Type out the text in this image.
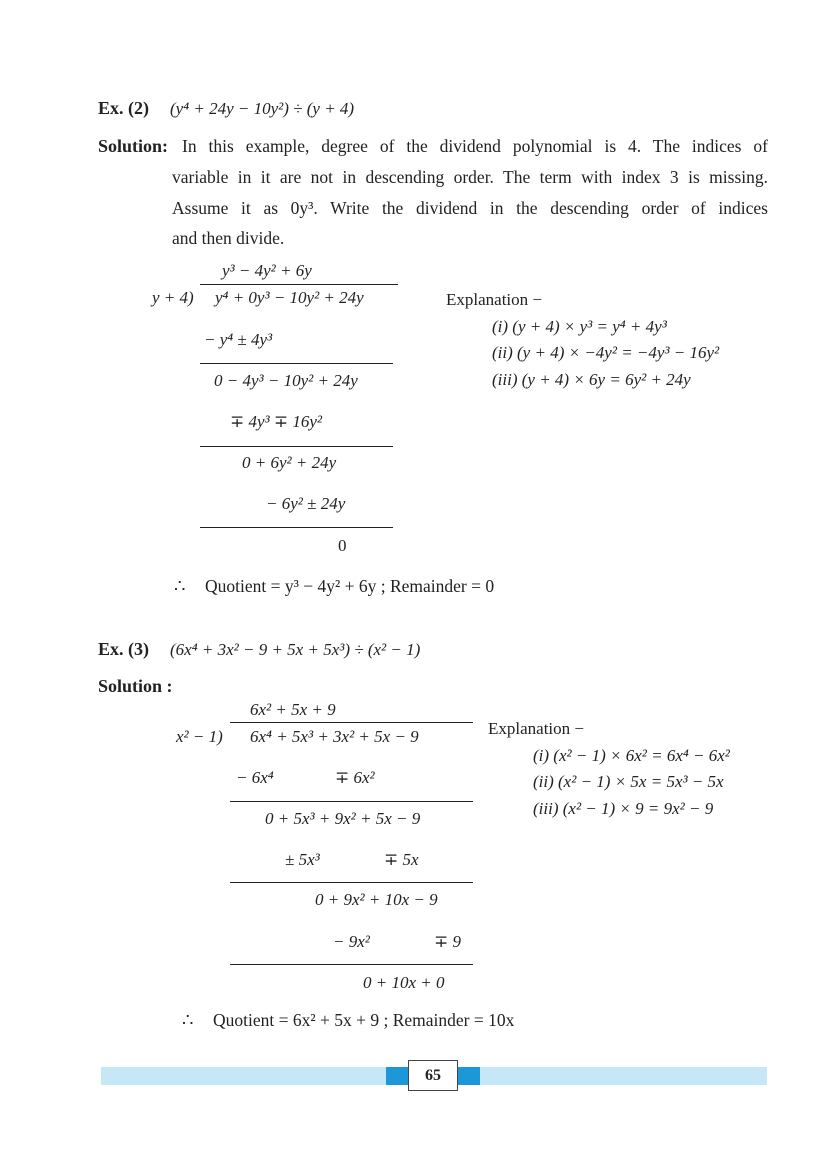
Ex. (2) (y⁴ + 24y − 10y²) ÷ (y + 4)
Solution: In this example, degree of the dividend polynomial is 4. The indices of
variable in it are not in descending order. The term with index 3 is missing.
Assume it as 0y³. Write the dividend in the descending order of indices
and then divide.
y³ − 4y² + 6y
y + 4) y⁴ + 0y³ − 10y² + 24y
− y⁴ ± 4y³
0 − 4y³ − 10y² + 24y
∓ 4y³ ∓ 16y²
0 + 6y² + 24y
− 6y² ± 24y
0
Explanation −
(i) (y + 4) × y³ = y⁴ + 4y³
(ii) (y + 4) × −4y² = −4y³ − 16y²
(iii) (y + 4) × 6y = 6y² + 24y
∴ Quotient = y³ − 4y² + 6y ; Remainder = 0
Ex. (3) (6x⁴ + 3x² − 9 + 5x + 5x³) ÷ (x² − 1)
Solution :
6x² + 5x + 9
x² − 1) 6x⁴ + 5x³ + 3x² + 5x − 9
− 6x⁴	∓ 6x²
0 + 5x³ + 9x² + 5x − 9
± 5x³	∓ 5x
0 + 9x² + 10x − 9
− 9x²	∓ 9
0 + 10x + 0
Explanation −
(i) (x² − 1) × 6x² = 6x⁴ − 6x²
(ii) (x² − 1) × 5x = 5x³ − 5x
(iii) (x² − 1) × 9 = 9x² − 9
∴ Quotient = 6x² + 5x + 9 ; Remainder = 10x
65
